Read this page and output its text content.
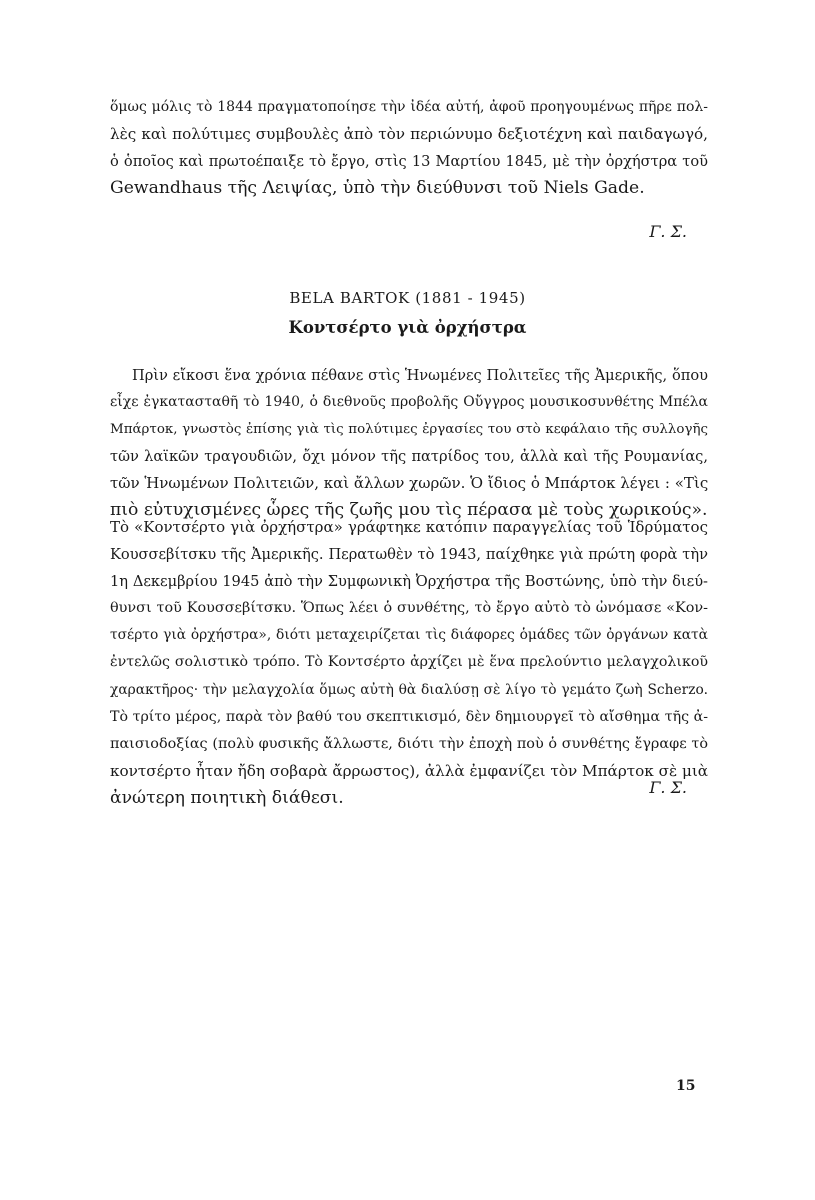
ὅμως μόλις τὸ 1844 πραγματοποίησε τὴν ἰδέα αὐτή, ἀφοῦ προηγουμένως πῆρε πολ-
λὲς καὶ πολύτιμες συμβουλὲς ἀπὸ τὸν περιώνυμο δεξιοτέχνη καὶ παιδαγωγό,
ὁ ὁποῖος καὶ πρωτοέπαιξε τὸ ἔργο, στὶς 13 Μαρτίου 1845, μὲ τὴν ὀρχήστρα τοῦ
Gewandhaus τῆς Λειψίας, ὑπὸ τὴν διεύθυνσι τοῦ Niels Gade.
Γ. Σ.
BELA BARTOK (1881 - 1945)
Κοντσέρτο γιὰ ὀρχήστρα
Πρὶν εἴκοσι ἕνα χρόνια πέθανε στὶς Ἡνωμένες Πολιτεῖες τῆς Ἀμερικῆς, ὅπου
εἶχε ἐγκατασταθῆ τὸ 1940, ὁ διεθνοῦς προβολῆς Οὔγγρος μουσικοσυνθέτης Μπέλα
Μπάρτοκ, γνωστὸς ἐπίσης γιὰ τὶς πολύτιμες ἐργασίες του στὸ κεφάλαιο τῆς συλλογῆς
τῶν λαϊκῶν τραγουδιῶν, ὄχι μόνον τῆς πατρίδος του, ἀλλὰ καὶ τῆς Ρουμανίας,
τῶν Ἡνωμένων Πολιτειῶν, καὶ ἄλλων χωρῶν. Ὁ ἴδιος ὁ Μπάρτοκ λέγει : «Τὶς
πιὸ εὐτυχισμένες ὧρες τῆς ζωῆς μου τὶς πέρασα μὲ τοὺς χωρικούς».
Τὸ «Κοντσέρτο γιὰ ὀρχήστρα» γράφτηκε κατόπιν παραγγελίας τοῦ Ἱδρύματος
Κουσσεβίτσκυ τῆς Ἀμερικῆς. Περατωθὲν τὸ 1943, παίχθηκε γιὰ πρώτη φορὰ τὴν
1η Δεκεμβρίου 1945 ἀπὸ τὴν Συμφωνικὴ Ὀρχήστρα τῆς Βοστώνης, ὑπὸ τὴν διεύ-
θυνσι τοῦ Κουσσεβίτσκυ. Ὅπως λέει ὁ συνθέτης, τὸ ἔργο αὐτὸ τὸ ὠνόμασε «Κον-
τσέρτο γιὰ ὀρχήστρα», διότι μεταχειρίζεται τὶς διάφορες ὁμάδες τῶν ὀργάνων κατὰ
ἐντελῶς σολιστικὸ τρόπο. Τὸ Κοντσέρτο ἀρχίζει μὲ ἕνα πρελούντιο μελαγχολικοῦ
χαρακτῆρος· τὴν μελαγχολία ὅμως αὐτὴ θὰ διαλύσῃ σὲ λίγο τὸ γεμάτο ζωὴ Scherzo.
Τὸ τρίτο μέρος, παρὰ τὸν βαθύ του σκεπτικισμό, δὲν δημιουργεῖ τὸ αἴσθημα τῆς ἀ-
παισιοδοξίας (πολὺ φυσικῆς ἄλλωστε, διότι τὴν ἐποχὴ ποὺ ὁ συνθέτης ἔγραφε τὸ
κοντσέρτο ἦταν ἤδη σοβαρὰ ἄρρωστος), ἀλλὰ ἐμφανίζει τὸν Μπάρτοκ σὲ μιὰ
ἀνώτερη ποιητικὴ διάθεσι.
Γ. Σ.
15
